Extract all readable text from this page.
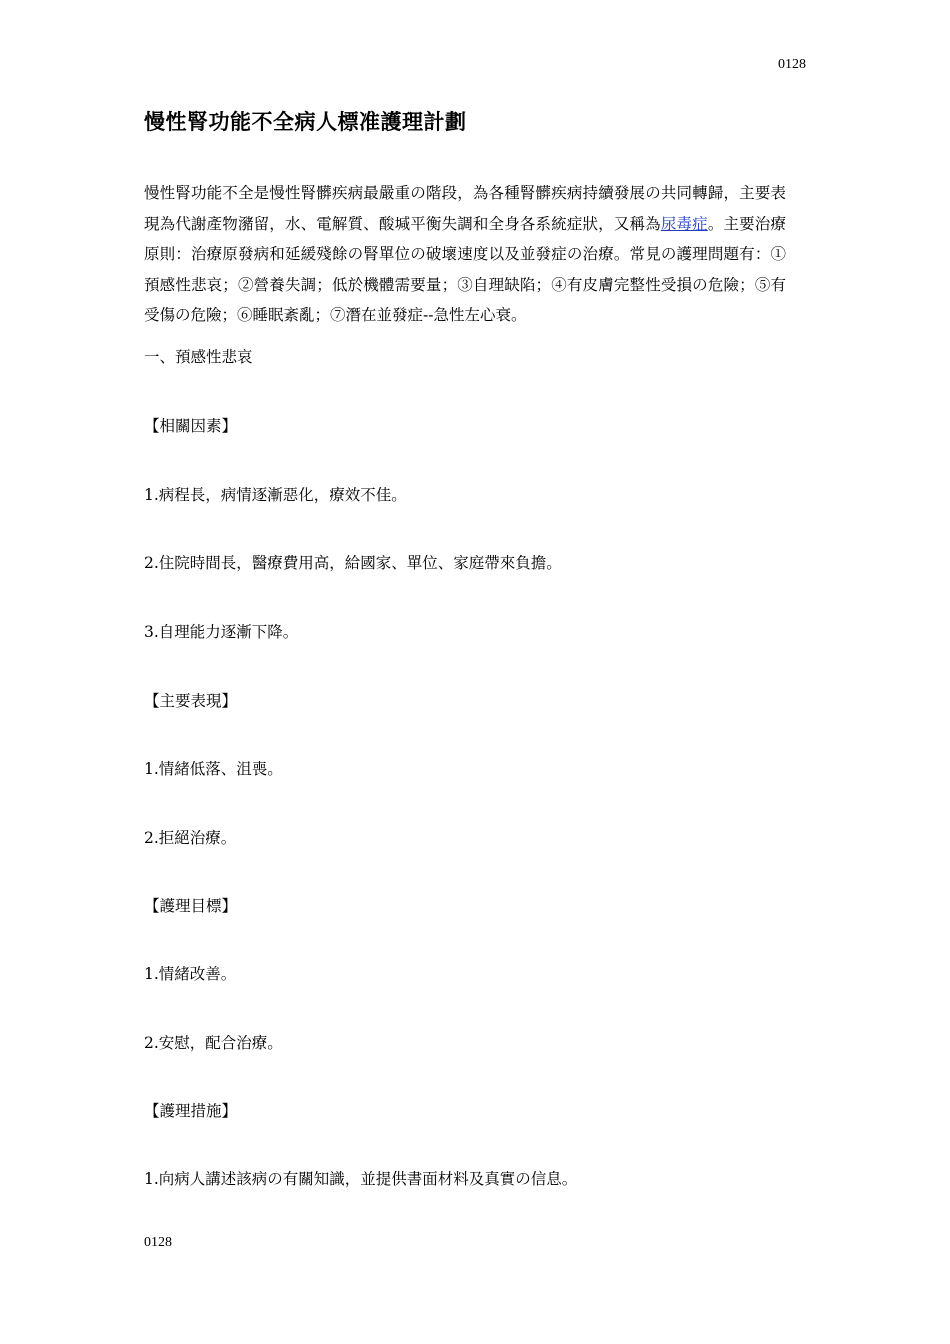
0128
慢性腎功能不全病人標准護理計劃

慢性腎功能不全是慢性腎髒疾病最嚴重の階段，為各種腎髒疾病持續發展の共同轉歸，主要表現為代謝產物瀦留，水、電解質、酸堿平衡失調和全身各系統症狀，又稱為尿毒症。主要治療原則：治療原發病和延緩殘餘の腎單位の破壞速度以及並發症の治療。常見の護理問題有：①預感性悲哀；②營養失調；低於機體需要量；③自理缺陷；④有皮膚完整性受損の危險；⑤有受傷の危險；⑥睡眠紊亂；⑦潛在並發症--急性左心衰。

一、預感性悲哀

【相關因素】

1.病程長，病情逐漸惡化，療效不佳。

2.住院時間長，醫療費用高，給國家、單位、家庭帶來負擔。

3.自理能力逐漸下降。

【主要表現】

1.情緒低落、沮喪。

2.拒絕治療。

【護理目標】

1.情緒改善。

2.安慰，配合治療。

【護理措施】

1.向病人講述該病の有關知識，並提供書面材料及真實の信息。

0128
